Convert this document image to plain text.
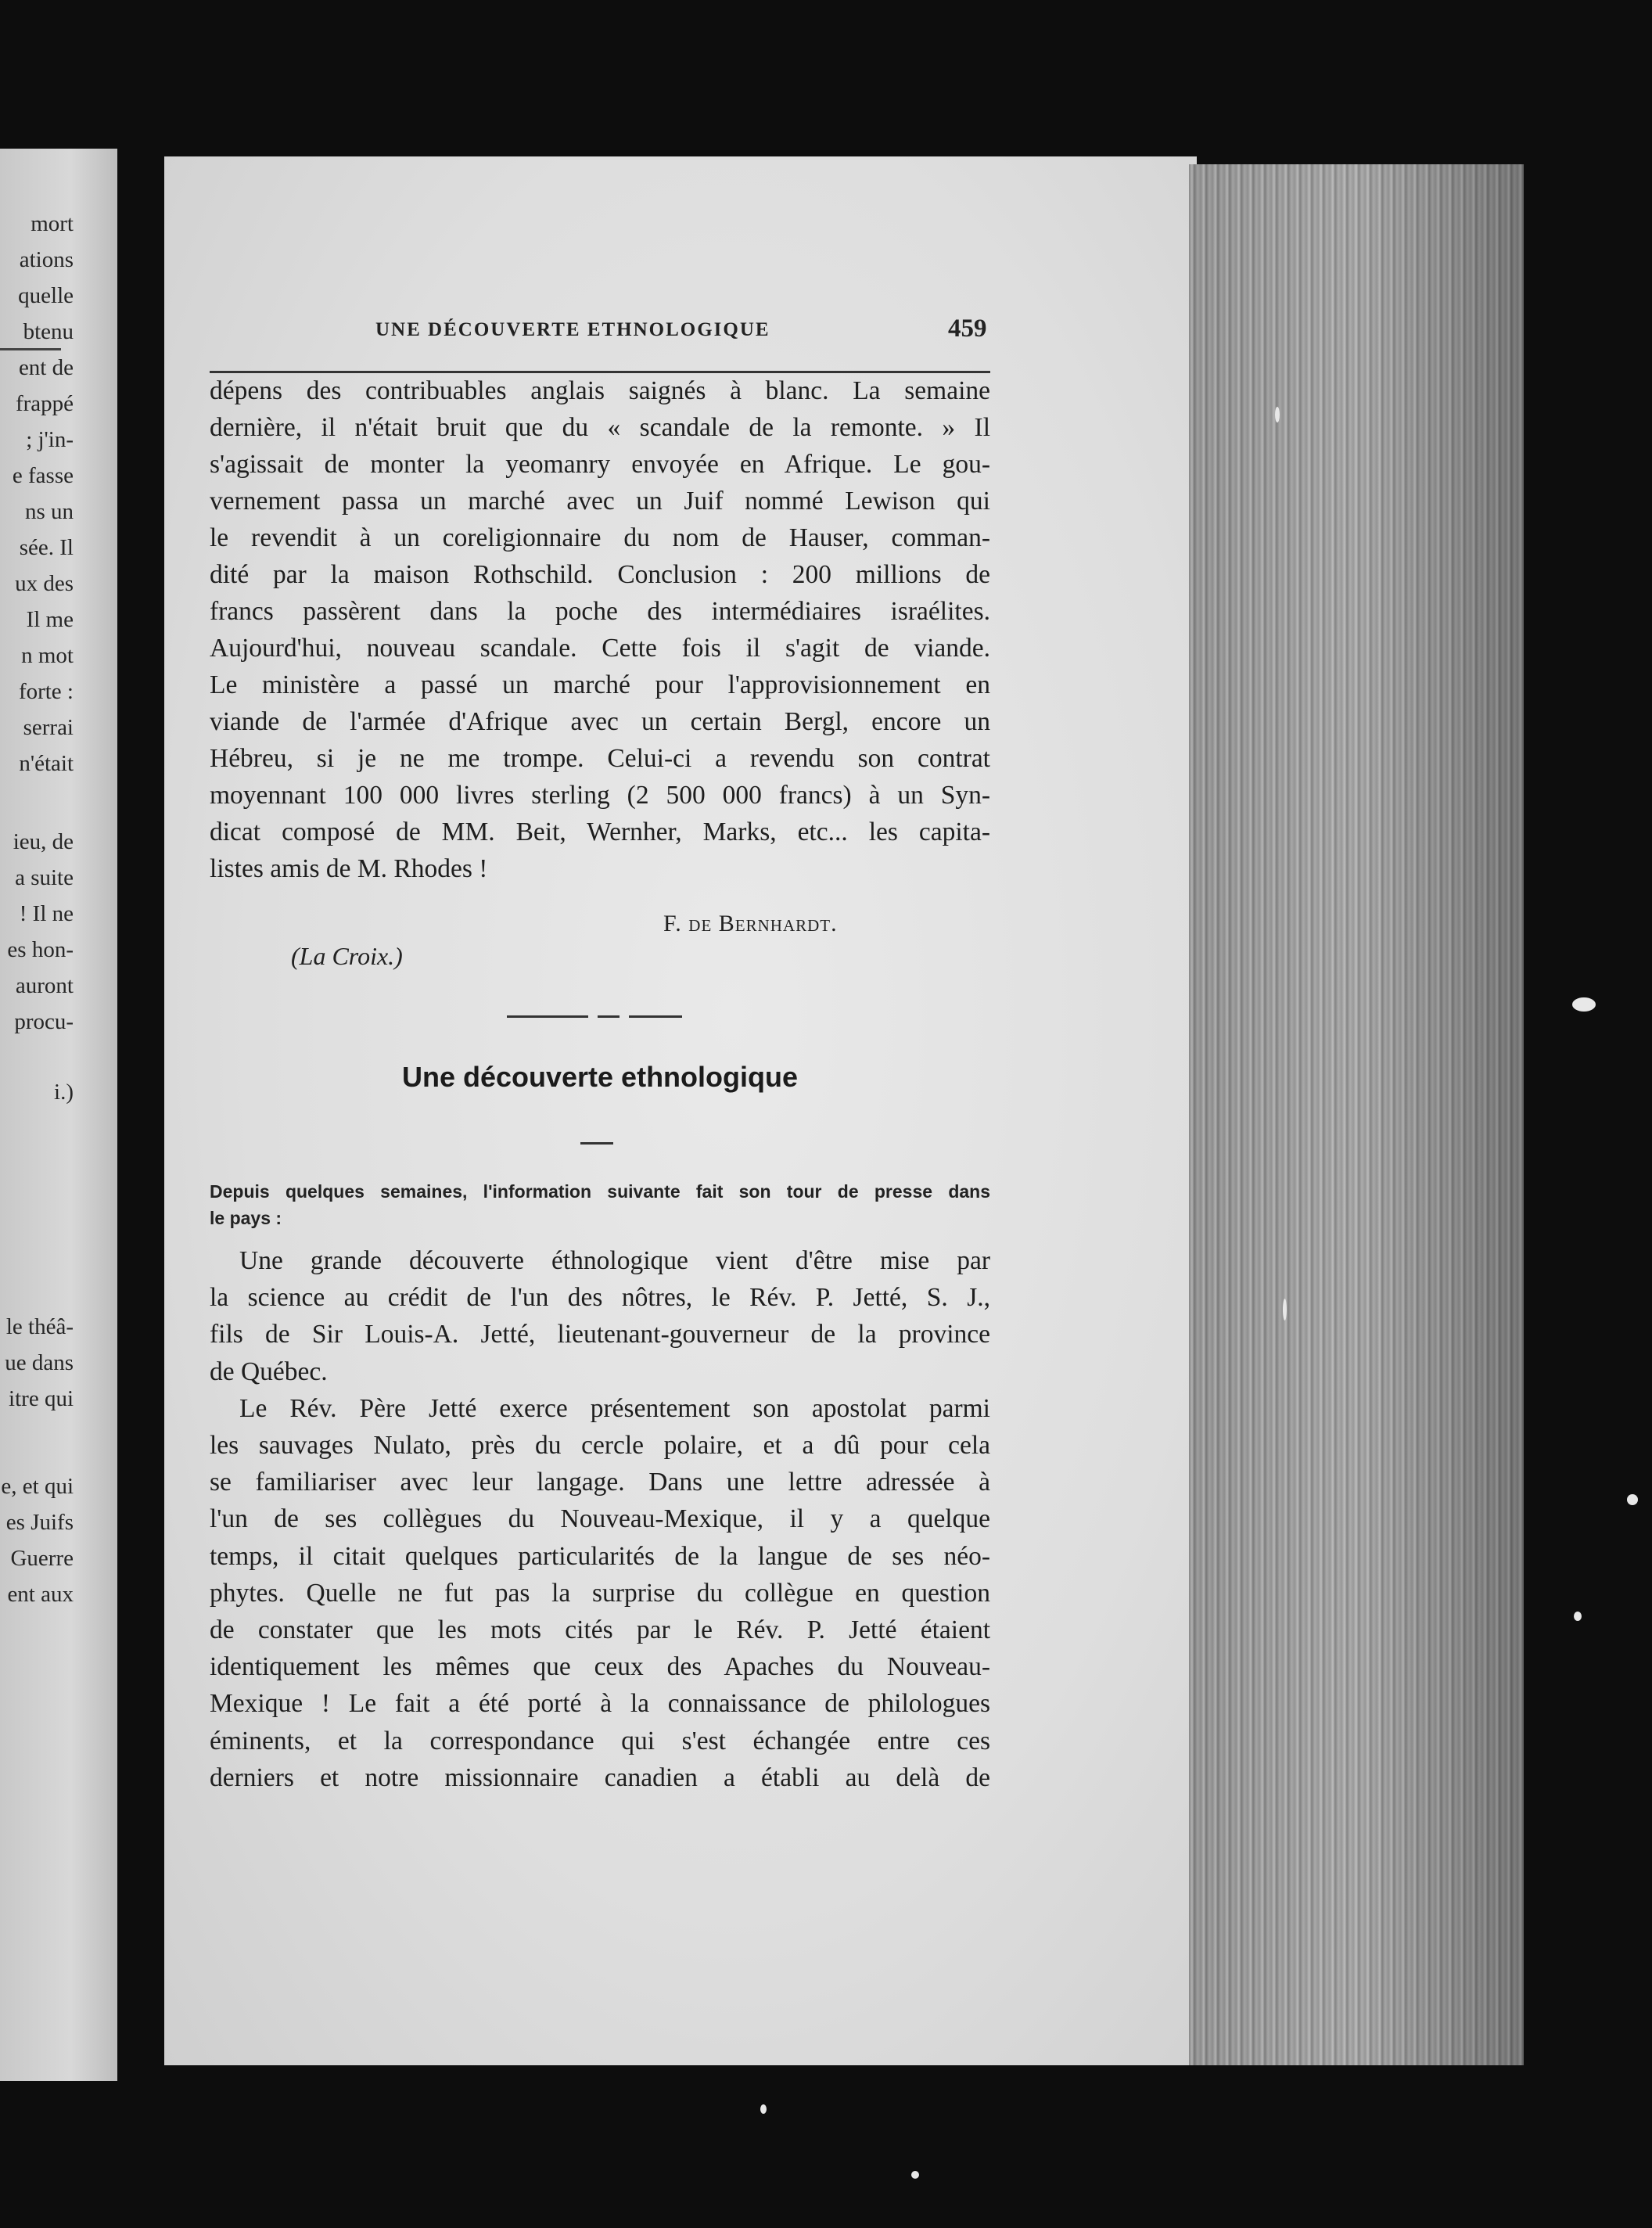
mort
ations
quelle
btenu
ent de
frappé
; j'in-
e fasse
ns un
sée. Il
ux des
Il me
n mot
forte :
serrai
n'était
ieu, de
a suite
! Il ne
es hon-
auront
procu-
i.)
le théâ-
ue dans
itre qui
e, et qui
es Juifs
Guerre
ent aux
UNE DÉCOUVERTE ETHNOLOGIQUE	459
dépens des contribuables anglais saignés à blanc. La semaine
dernière, il n'était bruit que du « scandale de la remonte. » Il
s'agissait de monter la yeomanry envoyée en Afrique. Le gou-
vernement passa un marché avec un Juif nommé Lewison qui
le revendit à un coreligionnaire du nom de Hauser, comman-
dité par la maison Rothschild. Conclusion : 200 millions de
francs passèrent dans la poche des intermédiaires israélites.
Aujourd'hui, nouveau scandale. Cette fois il s'agit de viande.
Le ministère a passé un marché pour l'approvisionnement en
viande de l'armée d'Afrique avec un certain Bergl, encore un
Hébreu, si je ne me trompe. Celui-ci a revendu son contrat
moyennant 100 000 livres sterling (2 500 000 francs) à un Syn-
dicat composé de MM. Beit, Wernher, Marks, etc... les capita-
listes amis de M. Rhodes !
F. de Bernhardt.
(La Croix.)
Une découverte ethnologique
Depuis quelques semaines, l'information suivante fait son tour de presse dans
le pays :
Une grande découverte éthnologique vient d'être mise par
la science au crédit de l'un des nôtres, le Rév. P. Jetté, S. J.,
fils de Sir Louis-A. Jetté, lieutenant-gouverneur de la province
de Québec.
Le Rév. Père Jetté exerce présentement son apostolat parmi
les sauvages Nulato, près du cercle polaire, et a dû pour cela
se familiariser avec leur langage. Dans une lettre adressée à
l'un de ses collègues du Nouveau-Mexique, il y a quelque
temps, il citait quelques particularités de la langue de ses néo-
phytes. Quelle ne fut pas la surprise du collègue en question
de constater que les mots cités par le Rév. P. Jetté étaient
identiquement les mêmes que ceux des Apaches du Nouveau-
Mexique ! Le fait a été porté à la connaissance de philologues
éminents, et la correspondance qui s'est échangée entre ces
derniers et notre missionnaire canadien a établi au delà de
